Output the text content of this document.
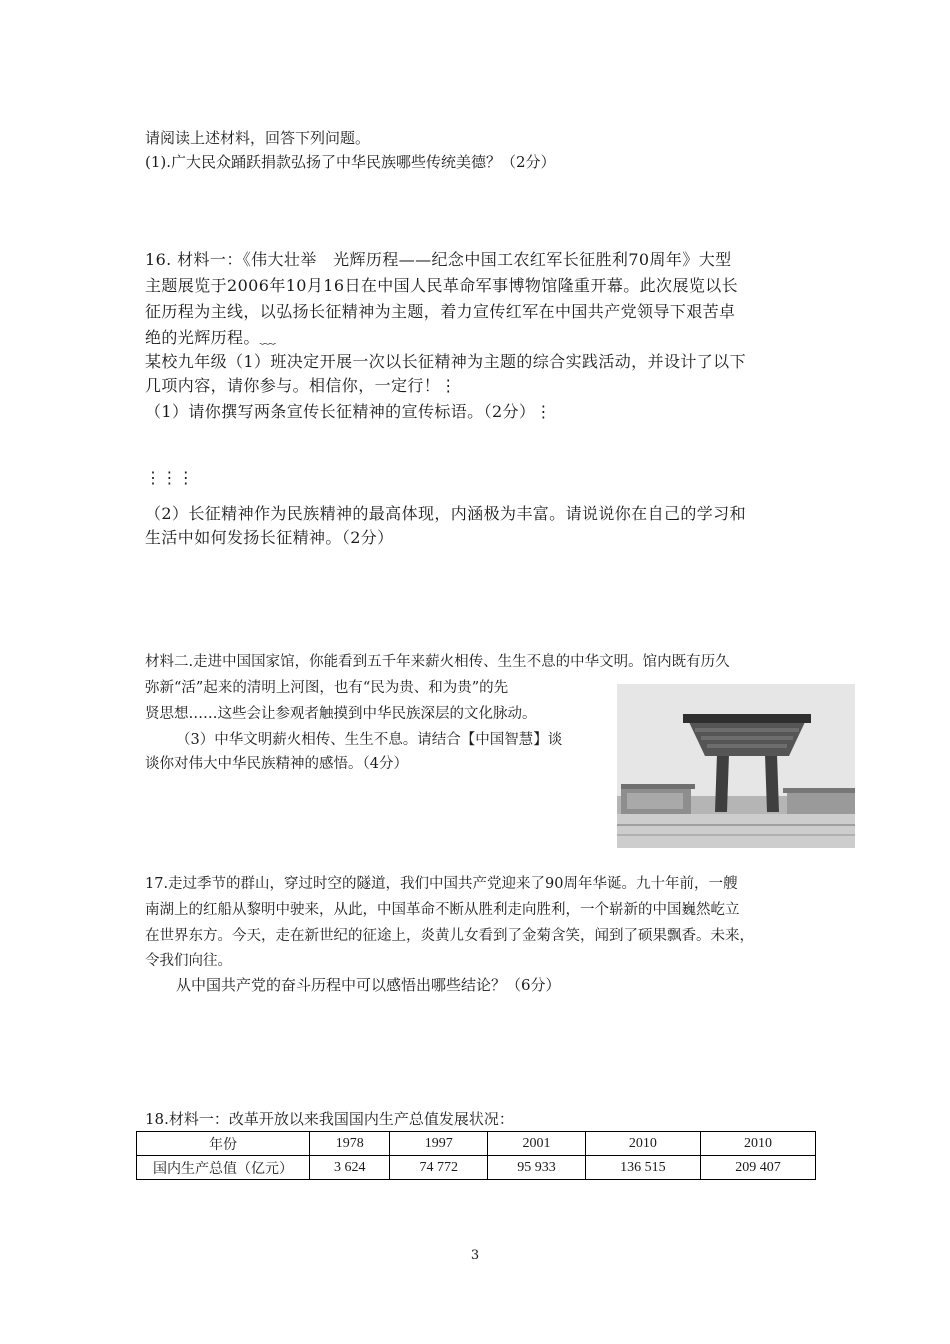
请阅读上述材料，回答下列问题。
(1).广大民众踊跃捐款弘扬了中华民族哪些传统美德？（2分）
16. 材料一：《伟大壮举　光辉历程——纪念中国工农红军长征胜利70周年》大型
主题展览于2006年10月16日在中国人民革命军事博物馆隆重开幕。此次展览以长
征历程为主线，以弘扬长征精神为主题，着力宣传红军在中国共产党领导下艰苦卓
绝的光辉历程。﹏
某校九年级（1）班决定开展一次以长征精神为主题的综合实践活动，并设计了以下
几项内容，请你参与。相信你，一定行！⋮
（1）请你撰写两条宣传长征精神的宣传标语。（2分）⋮
⋮⋮⋮
（2）长征精神作为民族精神的最高体现，内涵极为丰富。请说说你在自己的学习和
生活中如何发扬长征精神。（2分）
材料二.走进中国国家馆，你能看到五千年来薪火相传、生生不息的中华文明。馆内既有历久
弥新“活”起来的清明上河图，也有“民为贵、和为贵”的先
贤思想……这些会让参观者触摸到中华民族深层的文化脉动。
（3）中华文明薪火相传、生生不息。请结合【中国智慧】谈
谈你对伟大中华民族精神的感悟。（4分）
17.走过季节的群山，穿过时空的隧道，我们中国共产党迎来了90周年华诞。九十年前，一艘
南湖上的红船从黎明中驶来，从此，中国革命不断从胜利走向胜利，一个崭新的中国巍然屹立
在世界东方。今天，走在新世纪的征途上，炎黄儿女看到了金菊含笑，闻到了硕果飘香。未来，
令我们向往。
从中国共产党的奋斗历程中可以感悟出哪些结论？（6分）
18.材料一：改革开放以来我国国内生产总值发展状况：
年份	1978	1997	2001	2010	2010
国内生产总值（亿元）	3 624	74 772	95 933	136 515	209 407
3
